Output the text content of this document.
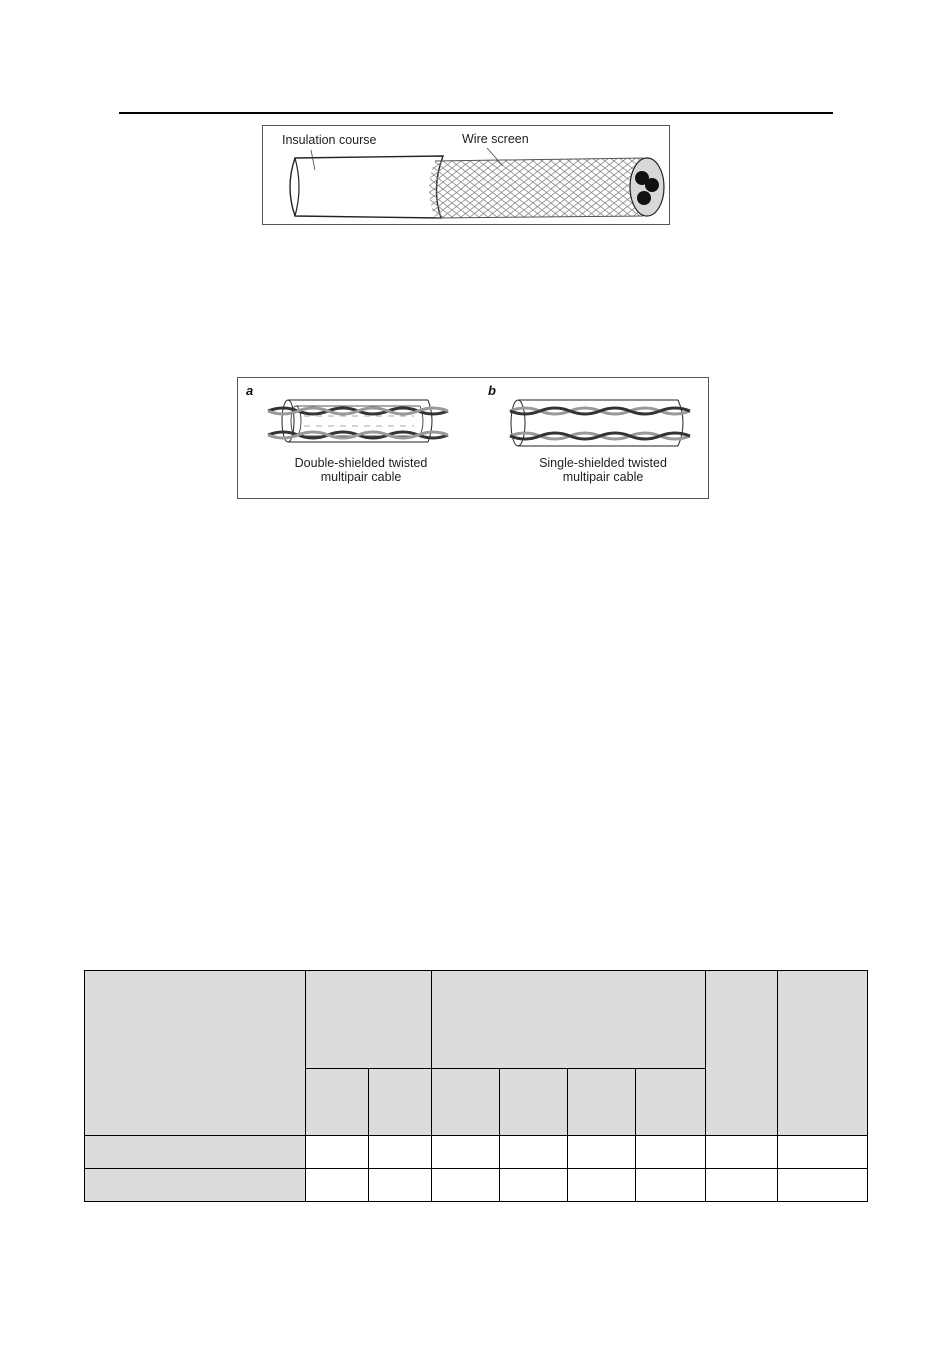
Insulation course	Wire screen
a	b
Double-shielded twisted
multipair cable
Single-shielded twisted
multipair cable
